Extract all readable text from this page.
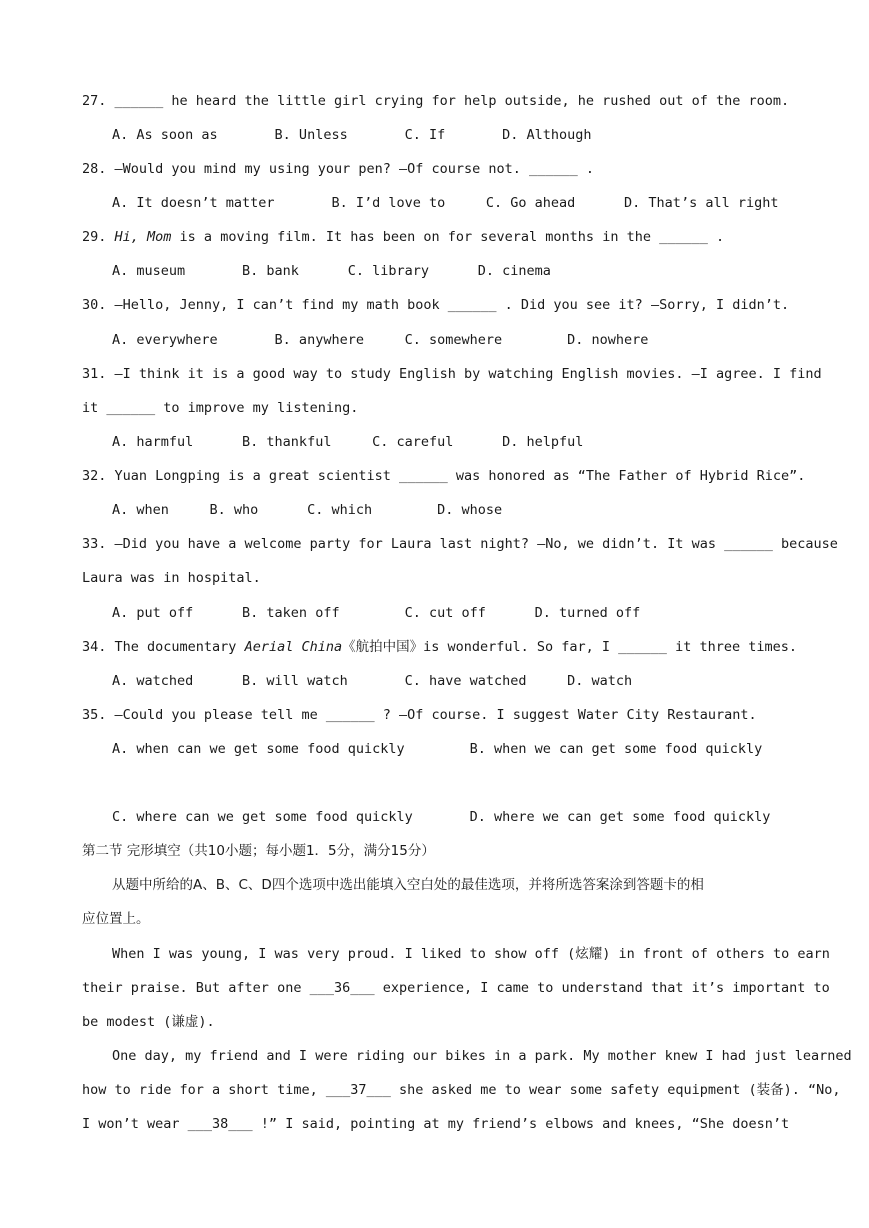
27. ______ he heard the little girl crying for help outside, he rushed out of the room.
A. As soon as       B. Unless       C. If       D. Although
28. —Would you mind my using your pen? —Of course not. ______ .
A. It doesn’t matter       B. I’d love to     C. Go ahead      D. That’s all right
29. Hi, Mom is a moving film. It has been on for several months in the ______ .
A. museum       B. bank      C. library      D. cinema
30. —Hello, Jenny, I can’t find my math book ______ . Did you see it? —Sorry, I didn’t.
A. everywhere       B. anywhere     C. somewhere        D. nowhere
31. —I think it is a good way to study English by watching English movies. —I agree. I find
it ______ to improve my listening.
A. harmful      B. thankful     C. careful      D. helpful
32. Yuan Longping is a great scientist ______ was honored as “The Father of Hybrid Rice”.
A. when     B. who      C. which        D. whose
33. —Did you have a welcome party for Laura last night? —No, we didn’t. It was ______ because
Laura was in hospital.
A. put off      B. taken off        C. cut off      D. turned off
34. The documentary Aerial China《航拍中国》is wonderful. So far, I ______ it three times.
A. watched      B. will watch       C. have watched     D. watch
35. —Could you please tell me ______ ? —Of course. I suggest Water City Restaurant.
A. when can we get some food quickly        B. when we can get some food quickly
C. where can we get some food quickly       D. where we can get some food quickly
第二节 完形填空（共10小题；每小题1．5分，满分15分）
从题中所给的A、B、C、D四个选项中选出能填入空白处的最佳选项，并将所选答案涂到答题卡的相
应位置上。
When I was young, I was very proud. I liked to show off (炫耀) in front of others to earn
their praise. But after one ___36___ experience, I came to understand that it’s important to
be modest (谦虚).
One day, my friend and I were riding our bikes in a park. My mother knew I had just learned
how to ride for a short time, ___37___ she asked me to wear some safety equipment (装备). “No,
I won’t wear ___38___ !” I said, pointing at my friend’s elbows and knees, “She doesn’t
